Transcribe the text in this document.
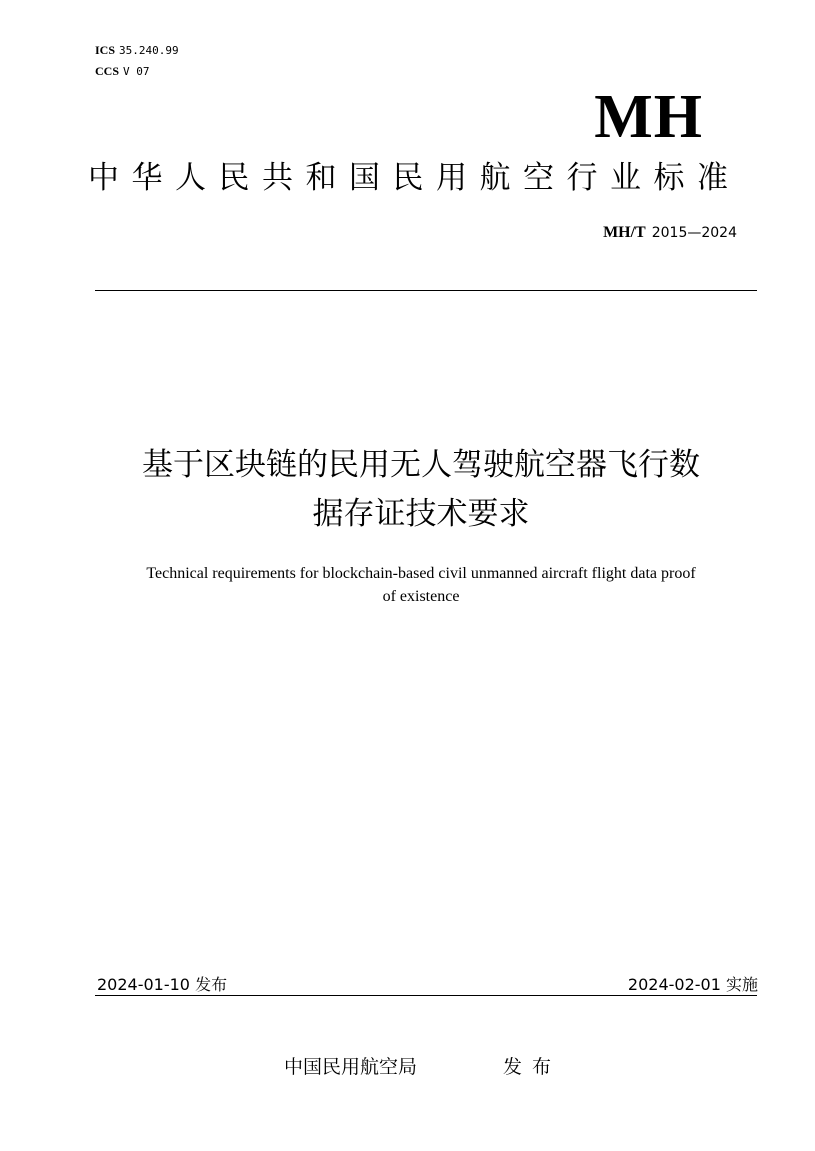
ICS 35.240.99
CCS V 07
MH
中华人民共和国民用航空行业标准
MH/T 2015—2024
基于区块链的民用无人驾驶航空器飞行数
据存证技术要求
Technical requirements for blockchain-based civil unmanned aircraft flight data proof
of existence
2024-01-10 发布	2024-02-01 实施
中国民用航空局	发布
